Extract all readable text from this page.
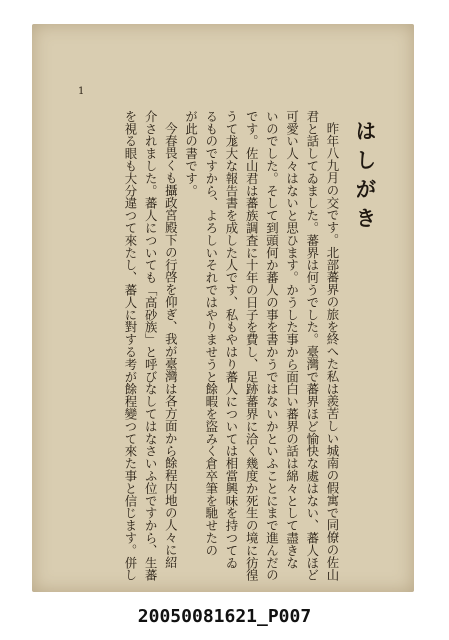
1
はしがき
昨年八九月の交です。北部蕃界の旅を終へた私は羨苦しい城南の假寓で同僚の佐山
君と話してゐました。蕃界は何うでした。臺灣で蕃界ほど愉快な處はない、蕃人ほど
可愛い人々はないと思ひます。かうした事から面白い蕃界の話は綿々として盡きな
いのでした。そして到頭何か蕃人の事を書かうではないかといふことにまで進んだの
です。佐山君は蕃族調査に十年の日子を費し、足跡蕃界に洽く幾度か死生の境に彷徨
うて尨大な報告書を成した人です、私もやはり蕃人については相當興味を持つてゐ
るものですから、よろしいそれではやりませうと餘暇を盜みく倉卒筆を馳せたの
が此の書です。
今春畏くも攝政宮殿下の行啓を仰ぎ、我が臺灣は各方面から餘程内地の人々に紹
介されました。蕃人についても「高砂族」と呼びなしてはなさいふ位ですから、生蕃
を視る眼も大分違つて來たし、蕃人に對する考が餘程變つて來た事と信じます。併し
20050081621_P007
